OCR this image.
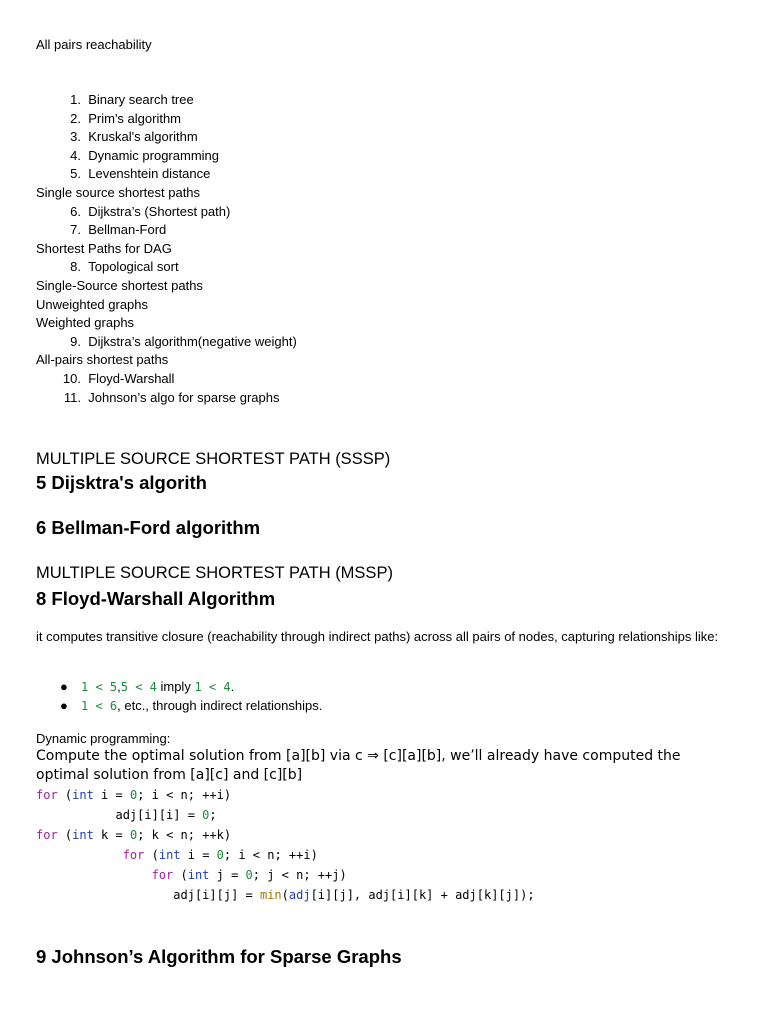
All pairs reachability
1. Binary search tree
2. Prim's algorithm
3. Kruskal's algorithm
4. Dynamic programming
5. Levenshtein distance
Single source shortest paths
6. Dijkstra’s (Shortest path)
7. Bellman-Ford
Shortest Paths for DAG
8. Topological sort
Single-Source shortest paths
Unweighted graphs
Weighted graphs
9. Dijkstra’s algorithm(negative weight)
All-pairs shortest paths
10. Floyd-Warshall
11. Johnson’s algo for sparse graphs
MULTIPLE SOURCE SHORTEST PATH (SSSP)
5 Dijsktra's algorith
6 Bellman-Ford algorithm
MULTIPLE SOURCE SHORTEST PATH (MSSP)
8 Floyd-Warshall Algorithm
it computes transitive closure (reachability through indirect paths) across all pairs of nodes, capturing relationships like:
● 1 < 5,5 < 4 imply 1 < 4.
● 1 < 6, etc., through indirect relationships.
Dynamic programming:
Compute the optimal solution from [a][b] via c ⇒ [c][a][b], we’ll already have computed the optimal solution from [a][c] and [c][b]
for (int i = 0; i < n; ++i)
adj[i][i] = 0;
for (int k = 0; k < n; ++k)
for (int i = 0; i < n; ++i)
for (int j = 0; j < n; ++j)
adj[i][j] = min(adj[i][j], adj[i][k] + adj[k][j]);
9 Johnson’s Algorithm for Sparse Graphs
